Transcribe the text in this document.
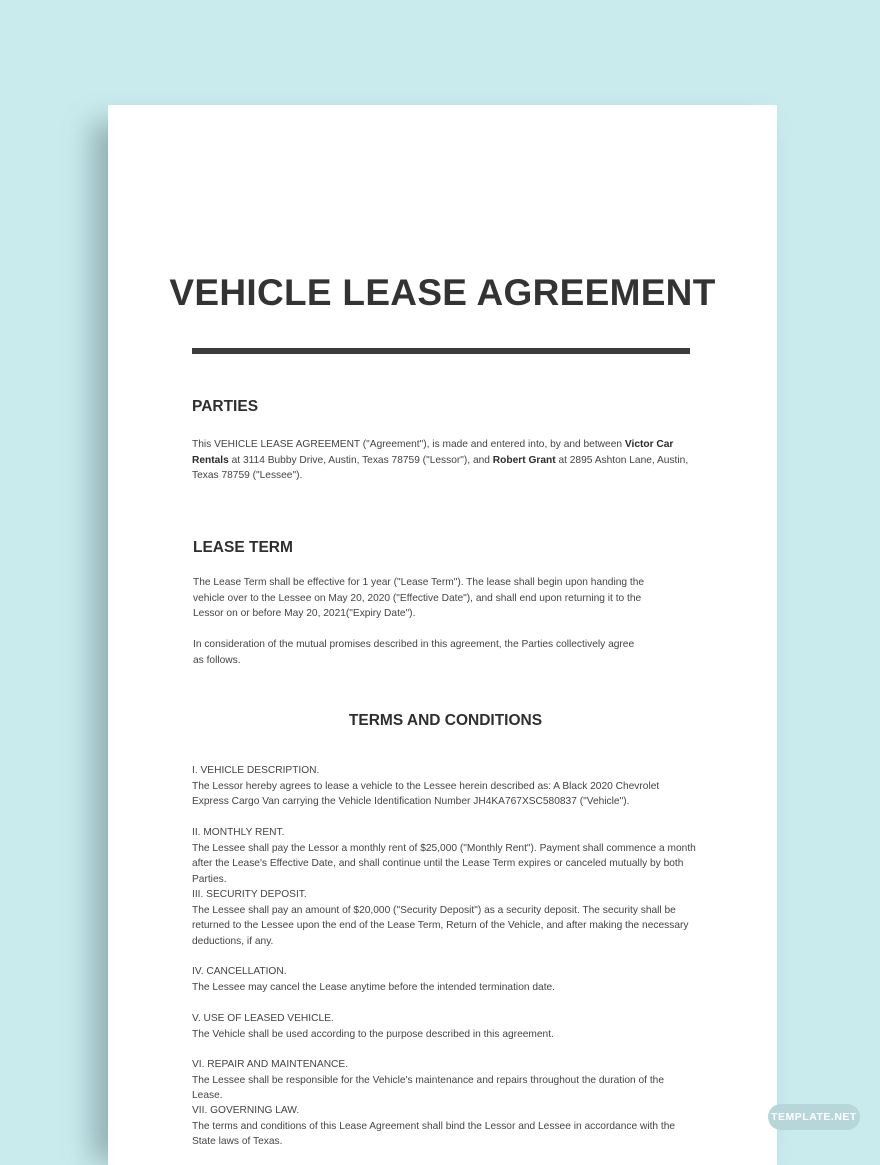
VEHICLE LEASE AGREEMENT
PARTIES
This VEHICLE LEASE AGREEMENT ("Agreement"), is made and entered into, by and between Victor Car Rentals at 3114 Bubby Drive, Austin, Texas 78759 ("Lessor"), and Robert Grant at 2895 Ashton Lane, Austin, Texas 78759 ("Lessee").
LEASE TERM
The Lease Term shall be effective for 1 year ("Lease Term"). The lease shall begin upon handing the vehicle over to the Lessee on May 20, 2020 ("Effective Date"), and shall end upon returning it to the Lessor on or before May 20, 2021("Expiry Date").
In consideration of the mutual promises described in this agreement, the Parties collectively agree as follows.
TERMS AND CONDITIONS
I. VEHICLE DESCRIPTION.
The Lessor hereby agrees to lease a vehicle to the Lessee herein described as: A Black 2020 Chevrolet Express Cargo Van carrying the Vehicle Identification Number JH4KA767XSC580837 ("Vehicle").
II. MONTHLY RENT.
The Lessee shall pay the Lessor a monthly rent of $25,000 ("Monthly Rent"). Payment shall commence a month after the Lease's Effective Date, and shall continue until the Lease Term expires or canceled mutually by both Parties.
III. SECURITY DEPOSIT.
The Lessee shall pay an amount of $20,000 ("Security Deposit") as a security deposit. The security shall be returned to the Lessee upon the end of the Lease Term, Return of the Vehicle, and after making the necessary deductions, if any.
IV. CANCELLATION.
The Lessee may cancel the Lease anytime before the intended termination date.
V. USE OF LEASED VEHICLE.
The Vehicle shall be used according to the purpose described in this agreement.
VI. REPAIR AND MAINTENANCE.
The Lessee shall be responsible for the Vehicle's maintenance and repairs throughout the duration of the Lease.
VII. GOVERNING LAW.
The terms and conditions of this Lease Agreement shall bind the Lessor and Lessee in accordance with the State laws of Texas.
TEMPLATE.NET
